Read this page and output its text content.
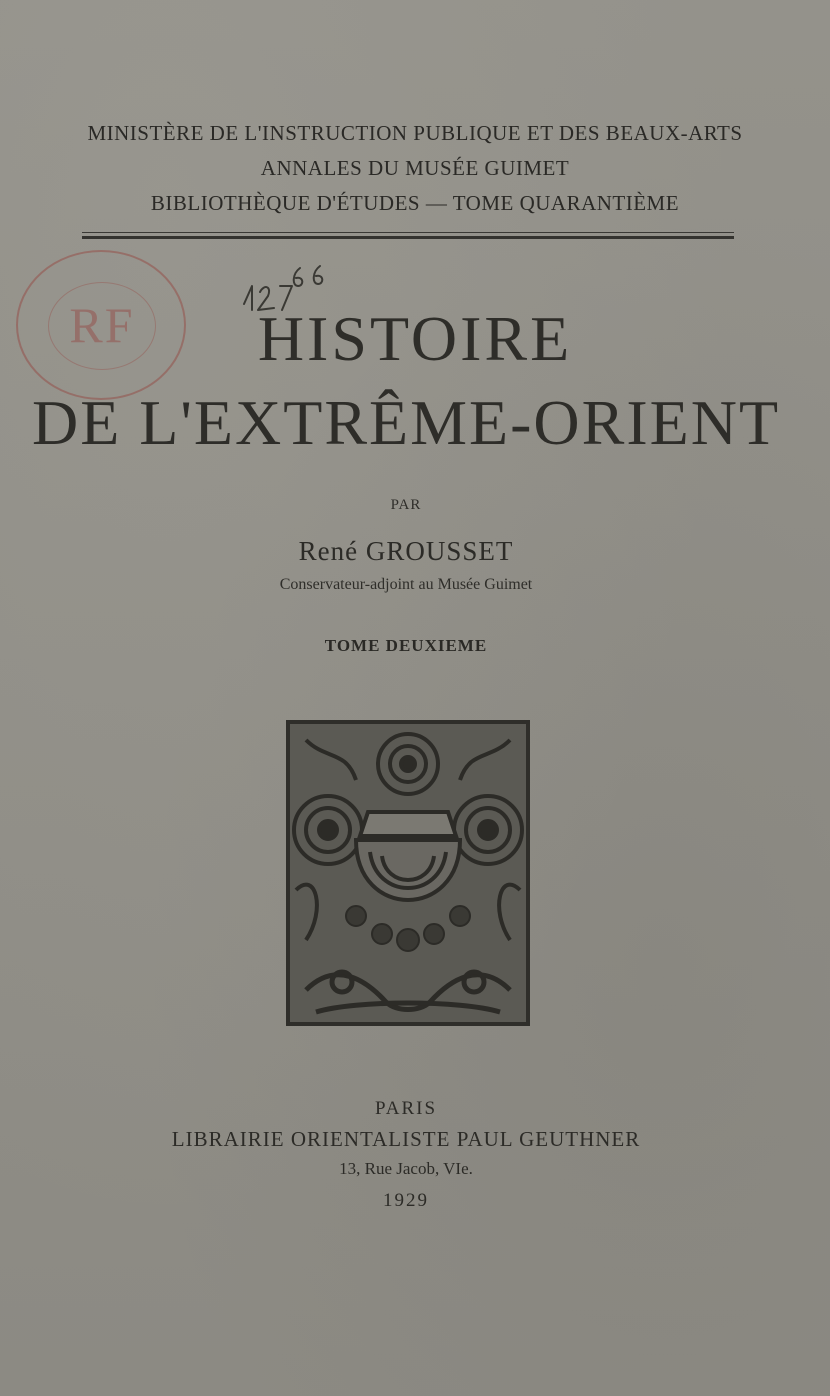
MINISTÈRE DE L'INSTRUCTION PUBLIQUE ET DES BEAUX-ARTS
ANNALES DU MUSÉE GUIMET
BIBLIOTHÈQUE D'ÉTUDES — TOME QUARANTIÈME
RF	HISTOIRE
DE L'EXTRÊME-ORIENT
PAR
René GROUSSET
Conservateur-adjoint au Musée Guimet
TOME DEUXIEME
PARIS
LIBRAIRIE ORIENTALISTE PAUL GEUTHNER
13, Rue Jacob, VIe.
1929
